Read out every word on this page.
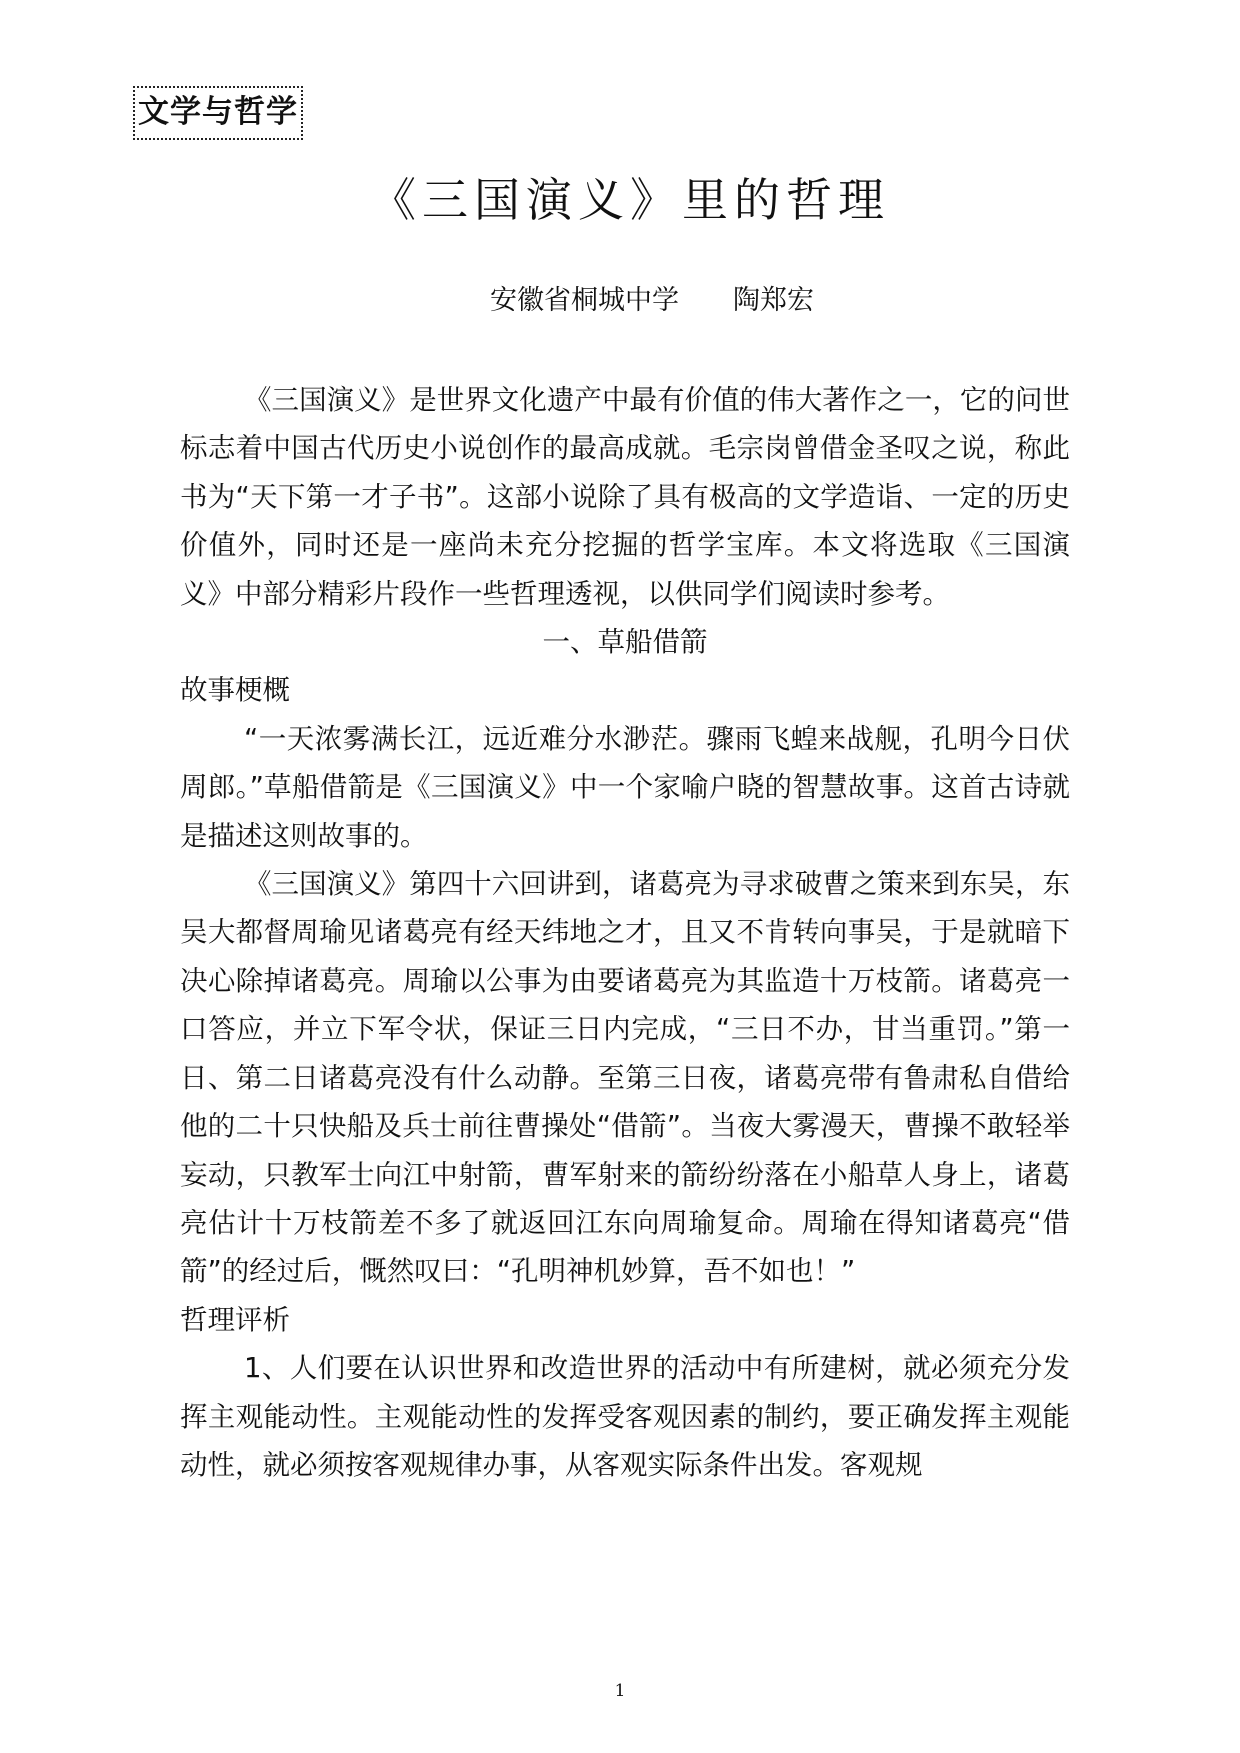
文学与哲学
《三国演义》里的哲理
安徽省桐城中学　　陶郑宏

《三国演义》是世界文化遗产中最有价值的伟大著作之一，它的问世标志着中国古代历史小说创作的最高成就。毛宗岗曾借金圣叹之说，称此书为“天下第一才子书”。这部小说除了具有极高的文学造诣、一定的历史价值外，同时还是一座尚未充分挖掘的哲学宝库。本文将选取《三国演义》中部分精彩片段作一些哲理透视，以供同学们阅读时参考。

一、草船借箭

故事梗概

“一天浓雾满长江，远近难分水渺茫。骤雨飞蝗来战舰，孔明今日伏周郎。”草船借箭是《三国演义》中一个家喻户晓的智慧故事。这首古诗就是描述这则故事的。

《三国演义》第四十六回讲到，诸葛亮为寻求破曹之策来到东吴，东吴大都督周瑜见诸葛亮有经天纬地之才，且又不肯转向事吴，于是就暗下决心除掉诸葛亮。周瑜以公事为由要诸葛亮为其监造十万枝箭。诸葛亮一口答应，并立下军令状，保证三日内完成，“三日不办，甘当重罚。”第一日、第二日诸葛亮没有什么动静。至第三日夜，诸葛亮带有鲁肃私自借给他的二十只快船及兵士前往曹操处“借箭”。当夜大雾漫天，曹操不敢轻举妄动，只教军士向江中射箭，曹军射来的箭纷纷落在小船草人身上，诸葛亮估计十万枝箭差不多了就返回江东向周瑜复命。周瑜在得知诸葛亮“借箭”的经过后，慨然叹曰：“孔明神机妙算，吾不如也！”

哲理评析

1、人们要在认识世界和改造世界的活动中有所建树，就必须充分发挥主观能动性。主观能动性的发挥受客观因素的制约，要正确发挥主观能动性，就必须按客观规律办事，从客观实际条件出发。客观规

1
